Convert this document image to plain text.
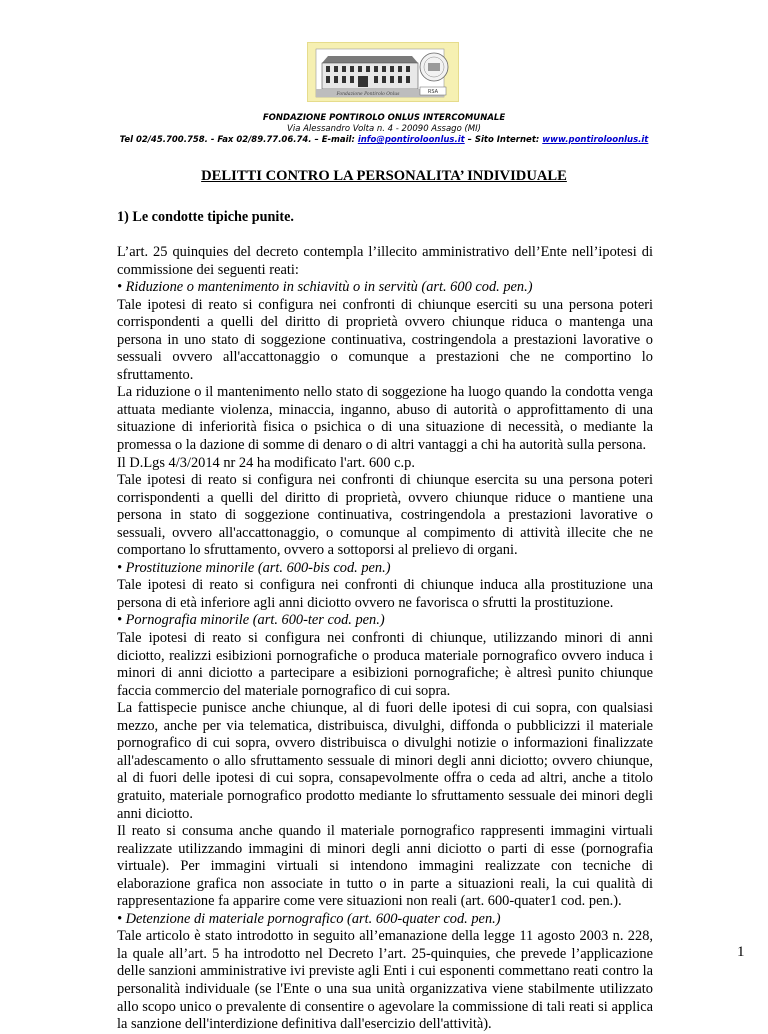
RSA
Fondazione Pontirolo Onlus
FONDAZIONE PONTIROLO ONLUS INTERCOMUNALE
Via Alessandro Volta n. 4 - 20090 Assago (MI)
Tel 02/45.700.758. - Fax 02/89.77.06.74. – E-mail: info@pontiroloonlus.it – Sito Internet: www.pontiroloonlus.it
DELITTI CONTRO LA PERSONALITA’ INDIVIDUALE
1) Le condotte tipiche punite.

L’art. 25 quinquies del decreto contempla l’illecito amministrativo dell’Ente nell’ipotesi di commissione dei seguenti reati:

• Riduzione o mantenimento in schiavitù o in servitù (art. 600 cod. pen.)

Tale ipotesi di reato si configura nei confronti di chiunque eserciti su una persona poteri corrispondenti a quelli del diritto di proprietà ovvero chiunque riduca o mantenga una persona in uno stato di soggezione continuativa, costringendola a prestazioni lavorative o sessuali ovvero all'accattonaggio o comunque a prestazioni che ne comportino lo sfruttamento.

La riduzione o il mantenimento nello stato di soggezione ha luogo quando la condotta venga attuata mediante violenza, minaccia, inganno, abuso di autorità o approfittamento di una situazione di inferiorità fisica o psichica o di una situazione di necessità, o mediante la promessa o la dazione di somme di denaro o di altri vantaggi a chi ha autorità sulla persona.

Il D.Lgs 4/3/2014 nr 24 ha modificato l'art. 600 c.p.

Tale ipotesi di reato si configura nei confronti di chiunque esercita su una persona poteri corrispondenti a quelli del diritto di proprietà, ovvero chiunque riduce o mantiene una persona in stato di soggezione continuativa, costringendola a prestazioni lavorative o sessuali, ovvero all'accattonaggio, o comunque al compimento di attività illecite che ne comportano lo sfruttamento, ovvero a sottoporsi al prelievo di organi.

• Prostituzione minorile (art. 600-bis cod. pen.)

Tale ipotesi di reato si configura nei confronti di chiunque induca alla prostituzione una persona di età inferiore agli anni diciotto ovvero ne favorisca o sfrutti la prostituzione.

• Pornografia minorile (art. 600-ter cod. pen.)

Tale ipotesi di reato si configura nei confronti di chiunque, utilizzando minori di anni diciotto, realizzi esibizioni pornografiche o produca materiale pornografico ovvero induca i minori di anni diciotto a partecipare a esibizioni pornografiche; è altresì punito chiunque faccia commercio del materiale pornografico di cui sopra.

La fattispecie punisce anche chiunque, al di fuori delle ipotesi di cui sopra, con qualsiasi mezzo, anche per via telematica, distribuisca, divulghi, diffonda o pubblicizzi il materiale pornografico di cui sopra, ovvero distribuisca o divulghi notizie o informazioni finalizzate all'adescamento o allo sfruttamento sessuale di minori degli anni diciotto; ovvero chiunque, al di fuori delle ipotesi di cui sopra, consapevolmente offra o ceda ad altri, anche a titolo gratuito, materiale pornografico prodotto mediante lo sfruttamento sessuale dei minori degli anni diciotto.

Il reato si consuma anche quando il materiale pornografico rappresenti immagini virtuali realizzate utilizzando immagini di minori degli anni diciotto o parti di esse (pornografia virtuale). Per immagini virtuali si intendono immagini realizzate con tecniche di elaborazione grafica non associate in tutto o in parte a situazioni reali, la cui qualità di rappresentazione fa apparire come vere situazioni non reali (art. 600-quater1 cod. pen.).

• Detenzione di materiale pornografico (art. 600-quater cod. pen.)

Tale articolo è stato introdotto in seguito all’emanazione della legge 11 agosto 2003 n. 228, la quale all’art. 5 ha introdotto nel Decreto l’art. 25-quinquies, che prevede l’applicazione delle sanzioni amministrative ivi previste agli Enti i cui esponenti commettano reati contro la personalità individuale (se l'Ente o una sua unità organizzativa viene stabilmente utilizzato allo scopo unico o prevalente di consentire o agevolare la commissione di tali reati si applica la sanzione dell'interdizione definitiva dall'esercizio dell'attività).

1
